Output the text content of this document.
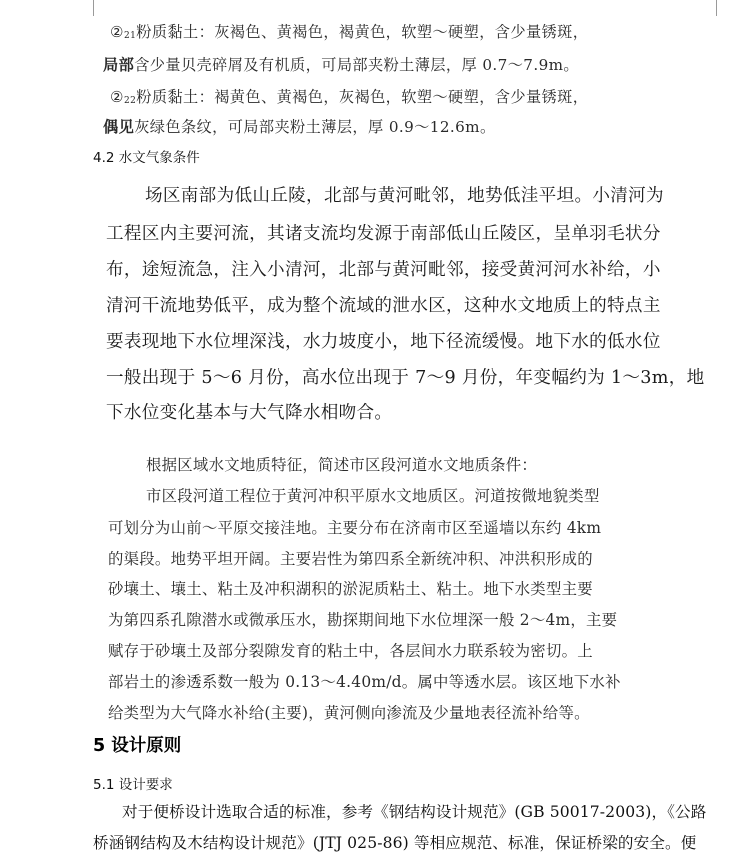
$②_{21}$粉质黏土：灰褐色、黄褐色，褐黄色，软塑～硬塑，含少量锈斑，
局部含少量贝壳碎屑及有机质，可局部夹粉土薄层，厚 0.7～7.9m。
$②_{22}$粉质黏土：褐黄色、黄褐色，灰褐色，软塑～硬塑，含少量锈斑，
偶见灰绿色条纹，可局部夹粉土薄层，厚 0.9～12.6m。
4.2 水文气象条件
场区南部为低山丘陵，北部与黄河毗邻，地势低洼平坦。小清河为
工程区内主要河流，其诸支流均发源于南部低山丘陵区，呈单羽毛状分
布，途短流急，注入小清河，北部与黄河毗邻，接受黄河河水补给，小
清河干流地势低平，成为整个流域的泄水区，这种水文地质上的特点主
要表现地下水位埋深浅，水力坡度小，地下径流缓慢。地下水的低水位
一般出现于 5～6 月份，高水位出现于 7～9 月份，年变幅约为 1～3m，地
下水位变化基本与大气降水相吻合。
根据区域水文地质特征，简述市区段河道水文地质条件：
市区段河道工程位于黄河冲积平原水文地质区。河道按微地貌类型
可划分为山前～平原交接洼地。主要分布在济南市区至遥墙以东约 4km
的渠段。地势平坦开阔。主要岩性为第四系全新统冲积、冲洪积形成的
砂壤土、壤土、粘土及冲积湖积的淤泥质粘土、粘土。地下水类型主要
为第四系孔隙潜水或微承压水，勘探期间地下水位埋深一般 2～4m，主要
赋存于砂壤土及部分裂隙发育的粘土中，各层间水力联系较为密切。上
部岩土的渗透系数一般为 0.13～4.40m/d。属中等透水层。该区地下水补
给类型为大气降水补给(主要)，黄河侧向渗流及少量地表径流补给等。
5 设计原则
5.1 设计要求
对于便桥设计选取合适的标准，参考《钢结构设计规范》(GB 50017-2003)，《公路
桥涵钢结构及木结构设计规范》(JTJ 025-86) 等相应规范、标准，保证桥梁的安全。便
